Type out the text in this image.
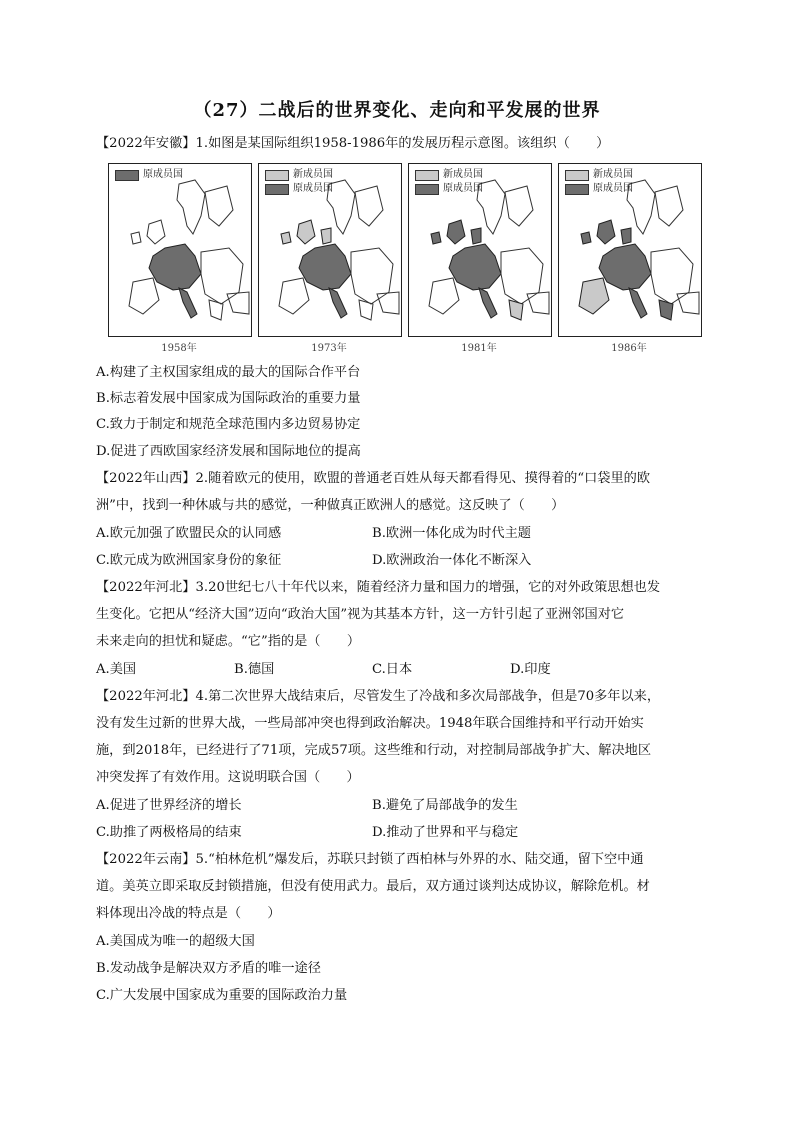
（27）二战后的世界变化、走向和平发展的世界
【2022年安徽】1.如图是某国际组织1958-1986年的发展历程示意图。该组织（　　）
原成员国	新成员国
原成员国
新成员国
原成员国
新成员国
原成员国
1958年	1973年	1981年	1986年
A.构建了主权国家组成的最大的国际合作平台
B.标志着发展中国家成为国际政治的重要力量
C.致力于制定和规范全球范围内多边贸易协定
D.促进了西欧国家经济发展和国际地位的提高
【2022年山西】2.随着欧元的使用，欧盟的普通老百姓从每天都看得见、摸得着的“口袋里的欧
洲”中，找到一种休戚与共的感觉，一种做真正欧洲人的感觉。这反映了（　　）
A.欧元加强了欧盟民众的认同感	B.欧洲一体化成为时代主题
C.欧元成为欧洲国家身份的象征	D.欧洲政治一体化不断深入
【2022年河北】3.20世纪七八十年代以来，随着经济力量和国力的增强，它的对外政策思想也发
生变化。它把从“经济大国”迈向“政治大国”视为其基本方针，这一方针引起了亚洲邻国对它
未来走向的担忧和疑虑。“它”指的是（　　）
A.美国	B.德国	C.日本	D.印度
【2022年河北】4.第二次世界大战结束后，尽管发生了冷战和多次局部战争，但是70多年以来，
没有发生过新的世界大战，一些局部冲突也得到政治解决。1948年联合国维持和平行动开始实
施，到2018年，已经进行了71项，完成57项。这些维和行动，对控制局部战争扩大、解决地区
冲突发挥了有效作用。这说明联合国（　　）
A.促进了世界经济的增长	B.避免了局部战争的发生
C.助推了两极格局的结束	D.推动了世界和平与稳定
【2022年云南】5.“柏林危机”爆发后，苏联只封锁了西柏林与外界的水、陆交通，留下空中通
道。美英立即采取反封锁措施，但没有使用武力。最后，双方通过谈判达成协议，解除危机。材
料体现出冷战的特点是（　　）
A.美国成为唯一的超级大国
B.发动战争是解决双方矛盾的唯一途径
C.广大发展中国家成为重要的国际政治力量
